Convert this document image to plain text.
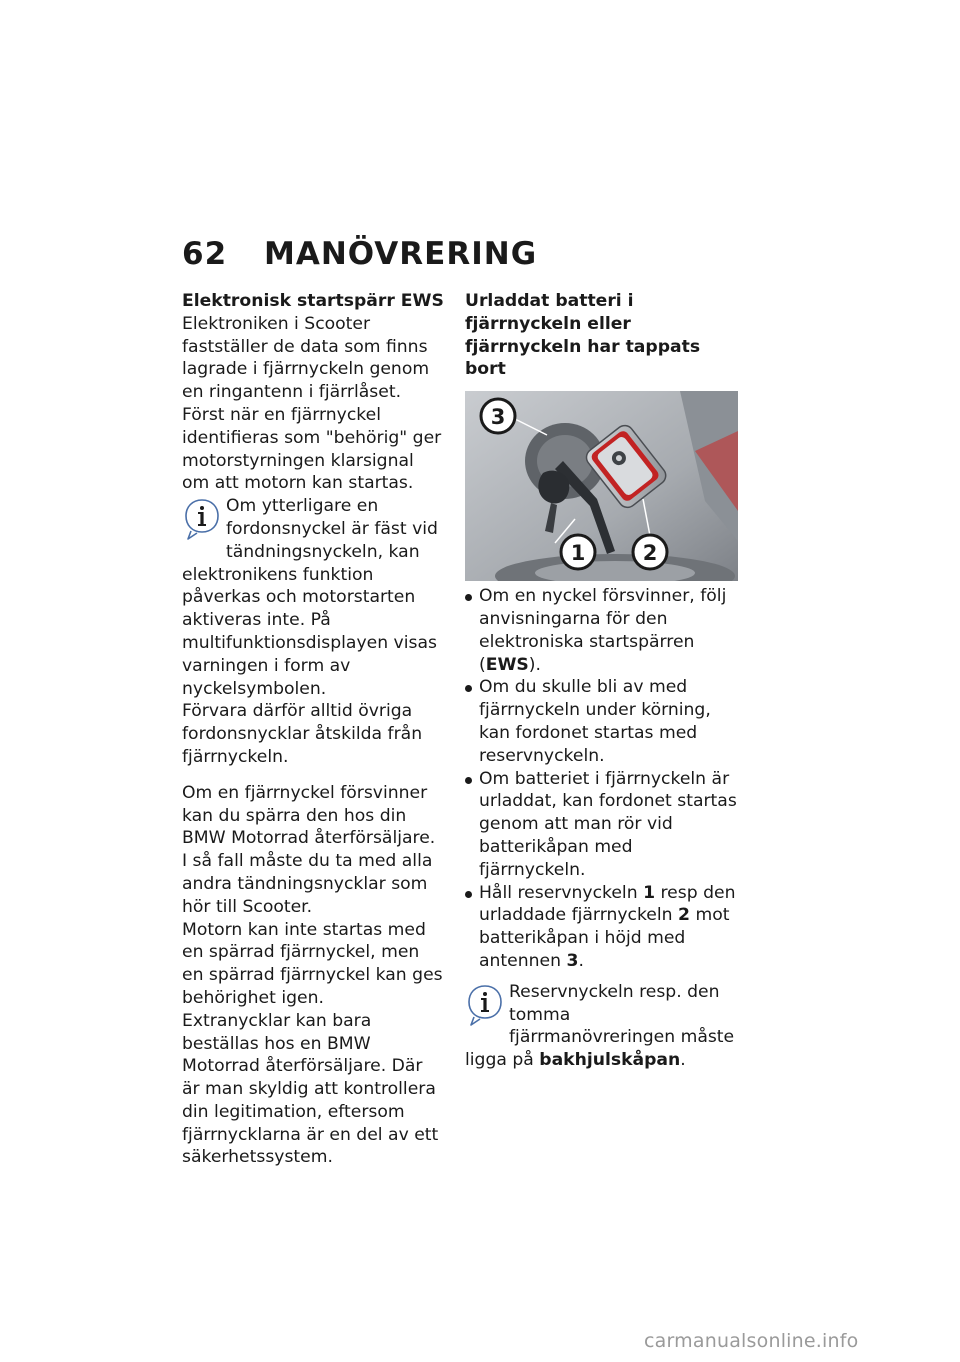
62 MANÖVRERING

Elektronisk startspärr EWS

Elektroniken i Scooter fastställer de data som finns lagrade i fjärrnyckeln genom en ringantenn i fjärrlåset. Först när en fjärrnyckel identifieras som "behörig" ger motorstyrningen klarsignal om att motorn kan startas.

Om ytterligare en fordonsnyckel är fäst vid tändningsnyckeln, kan elektronikens funktion påverkas och motorstarten aktiveras inte. På multifunktionsdisplayen visas varningen i form av nyckelsymbolen.

Förvara därför alltid övriga fordonsnycklar åtskilda från fjärrnyckeln.

Om en fjärrnyckel försvinner kan du spärra den hos din BMW Motorrad återförsäljare.

I så fall måste du ta med alla andra tändningsnycklar som hör till Scooter.

Motorn kan inte startas med en spärrad fjärrnyckel, men en spärrad fjärrnyckel kan ges behörighet igen.

Extranycklar kan bara beställas hos en BMW Motorrad återförsäljare. Där är man skyldig att kontrollera din legitimation, eftersom fjärrnycklarna är en del av ett säkerhetssystem.

Urladdat batteri i fjärrnyckeln eller fjärrnyckeln har tappats bort

3
1	2
Om en nyckel försvinner, följ anvisningarna för den elektroniska startspärren (EWS).
Om du skulle bli av med fjärrnyckeln under körning, kan fordonet startas med reservnyckeln.
Om batteriet i fjärrnyckeln är urladdat, kan fordonet startas genom att man rör vid batterikåpan med fjärrnyckeln.
Håll reservnyckeln 1 resp den urladdade fjärrnyckeln 2 mot batterikåpan i höjd med antennen 3.

Reservnyckeln resp. den tomma fjärrmanövreringen måste ligga på bakhjulskåpan.

carmanualsonline.info
